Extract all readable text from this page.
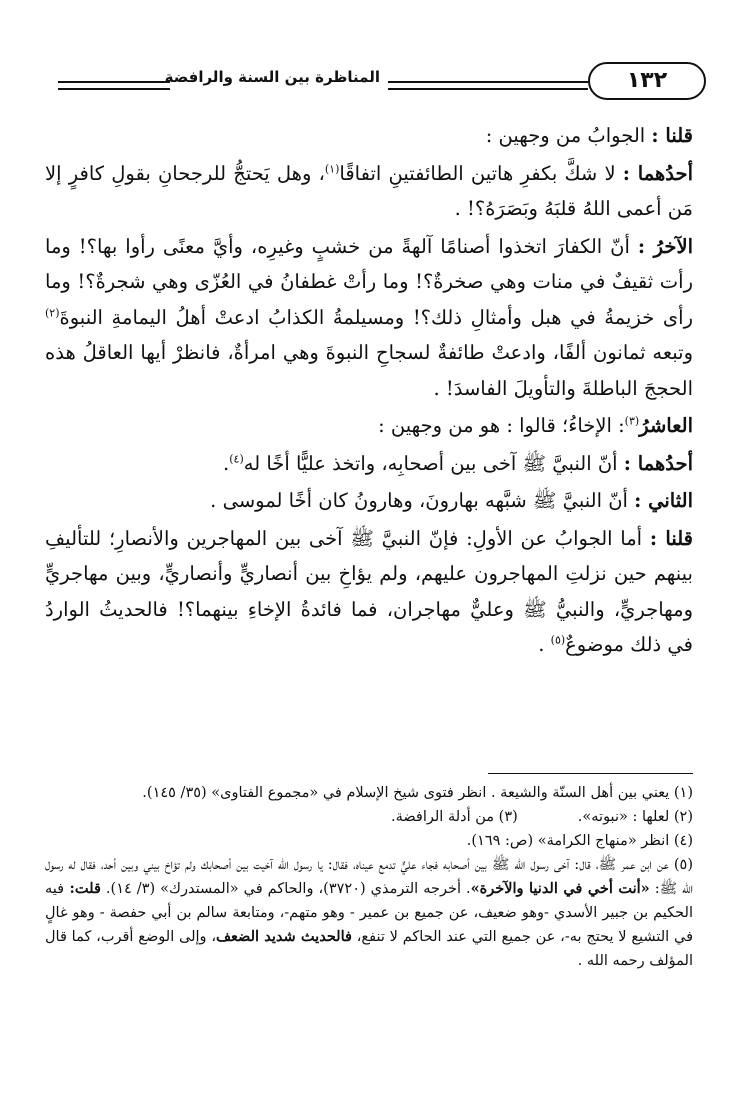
١٣٢
المناظرة بين السنة والرافضة

قلنا : الجوابُ من وجهين :

أحدُهما : لا شكَّ بكفرِ هاتين الطائفتينِ اتفاقًا$^{(١)}$، وهل يَحتجُّ للرجحانِ بقولِ كافرٍ إلا مَن أعمى اللهُ قلبَهُ وبَصَرَهُ؟! .

الآخرُ : أنّ الكفارَ اتخذوا أصنامًا آلهةً من خشبٍ وغيرِه، وأيَّ معنًى رأوا بها؟! وما رأت ثقيفٌ في منات وهي صخرةٌ؟! وما رأتْ غطفانُ في العُزّى وهي شجرةٌ؟! وما رأى خزيمةُ في هبل وأمثالِ ذلك؟! ومسيلمةُ الكذابُ ادعتْ أهلُ اليمامةِ النبوةَ$^{(٢)}$ وتبعه ثمانون ألفًا، وادعتْ طائفةٌ لسجاحِ النبوةَ وهي امرأةٌ، فانظرْ أيها العاقلُ هذه الحججَ الباطلةَ والتأويلَ الفاسدَ! .

العاشرُ$^{(٣)}$: الإخاءُ؛ قالوا : هو من وجهين :

أحدُهما : أنّ النبيَّ ﷺ آخى بين أصحابِه، واتخذ عليًّا أخًا له$^{(٤)}$.

الثاني : أنّ النبيَّ ﷺ شبَّهه بهارونَ، وهارونُ كان أخًا لموسى .

قلنا : أما الجوابُ عن الأولِ: فإنّ النبيَّ ﷺ آخى بين المهاجرين والأنصارِ؛ للتأليفِ بينهم حين نزلتِ المهاجرون عليهم، ولم يؤاخِ بين أنصاريٍّ وأنصاريٍّ، وبين مهاجريٍّ ومهاجريٍّ، والنبيُّ ﷺ وعليٌّ مهاجران، فما فائدةُ الإخاءِ بينهما؟! فالحديثُ الواردُ في ذلك موضوعٌ$^{(٥)}$ .

(١) يعني بين أهل السنّة والشيعة . انظر فتوى شيخ الإسلام في «مجموع الفتاوى» (٣٥/ ١٤٥).

(٢) لعلها : «نبوته».
(٣) من أدلة الرافضة.

(٤) انظر «منهاج الكرامة» (ص: ١٦٩).

(٥) عن ابن عمر ﷺ، قال: آخى رسول الله ﷺ بين أصحابه فجاء عليٌّ تدمع عيناه، فقال: يا رسول الله آخيت بين أصحابك ولم تؤاخ بيني وبين أحد، فقال له رسول الله ﷺ: «أنت أخي في الدنيا والآخرة». أخرجه الترمذي (٣٧٢٠)، والحاكم في «المستدرك» (٣/ ١٤). قلت: فيه الحكيم بن جبير الأسدي -وهو ضعيف، عن جميع بن عمير - وهو متهم-، ومتابعة سالم بن أبي حفصة - وهو غالٍ في التشيع لا يحتج به-، عن جميع التي عند الحاكم لا تنفع، فالحديث شديد الضعف، وإلى الوضع أقرب، كما قال المؤلف رحمه الله .
